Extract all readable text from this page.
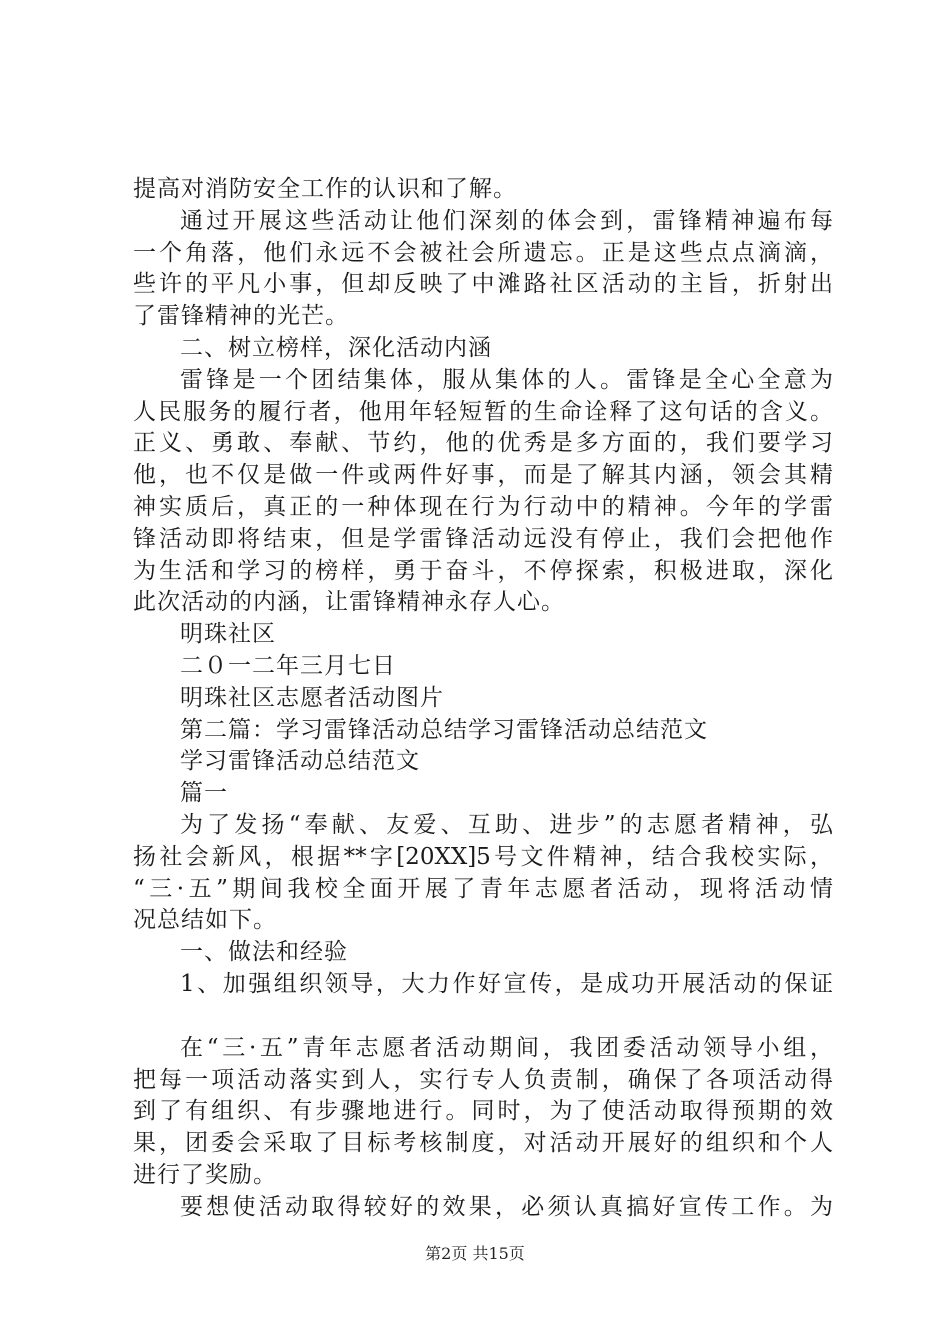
提高对消防安全工作的认识和了解。
通过开展这些活动让他们深刻的体会到，雷锋精神遍布每
一个角落，他们永远不会被社会所遗忘。正是这些点点滴滴，
些许的平凡小事，但却反映了中滩路社区活动的主旨，折射出
了雷锋精神的光芒。
二、树立榜样，深化活动内涵
雷锋是一个团结集体，服从集体的人。雷锋是全心全意为
人民服务的履行者，他用年轻短暂的生命诠释了这句话的含义。
正义、勇敢、奉献、节约，他的优秀是多方面的，我们要学习
他，也不仅是做一件或两件好事，而是了解其内涵，领会其精
神实质后，真正的一种体现在行为行动中的精神。今年的学雷
锋活动即将结束，但是学雷锋活动远没有停止，我们会把他作
为生活和学习的榜样，勇于奋斗，不停探索，积极进取，深化
此次活动的内涵，让雷锋精神永存人心。
明珠社区
二０一二年三月七日
明珠社区志愿者活动图片
第二篇：学习雷锋活动总结学习雷锋活动总结范文
学习雷锋活动总结范文
篇一
为了发扬“奉献、友爱、互助、进步”的志愿者精神，弘
扬社会新风，根据**字[20XX]5号文件精神，结合我校实际，
“三·五”期间我校全面开展了青年志愿者活动，现将活动情
况总结如下。
一、做法和经验
1、加强组织领导，大力作好宣传，是成功开展活动的保证
在“三·五”青年志愿者活动期间，我团委活动领导小组，
把每一项活动落实到人，实行专人负责制，确保了各项活动得
到了有组织、有步骤地进行。同时，为了使活动取得预期的效
果，团委会采取了目标考核制度，对活动开展好的组织和个人
进行了奖励。
要想使活动取得较好的效果，必须认真搞好宣传工作。为
第2页 共15页
